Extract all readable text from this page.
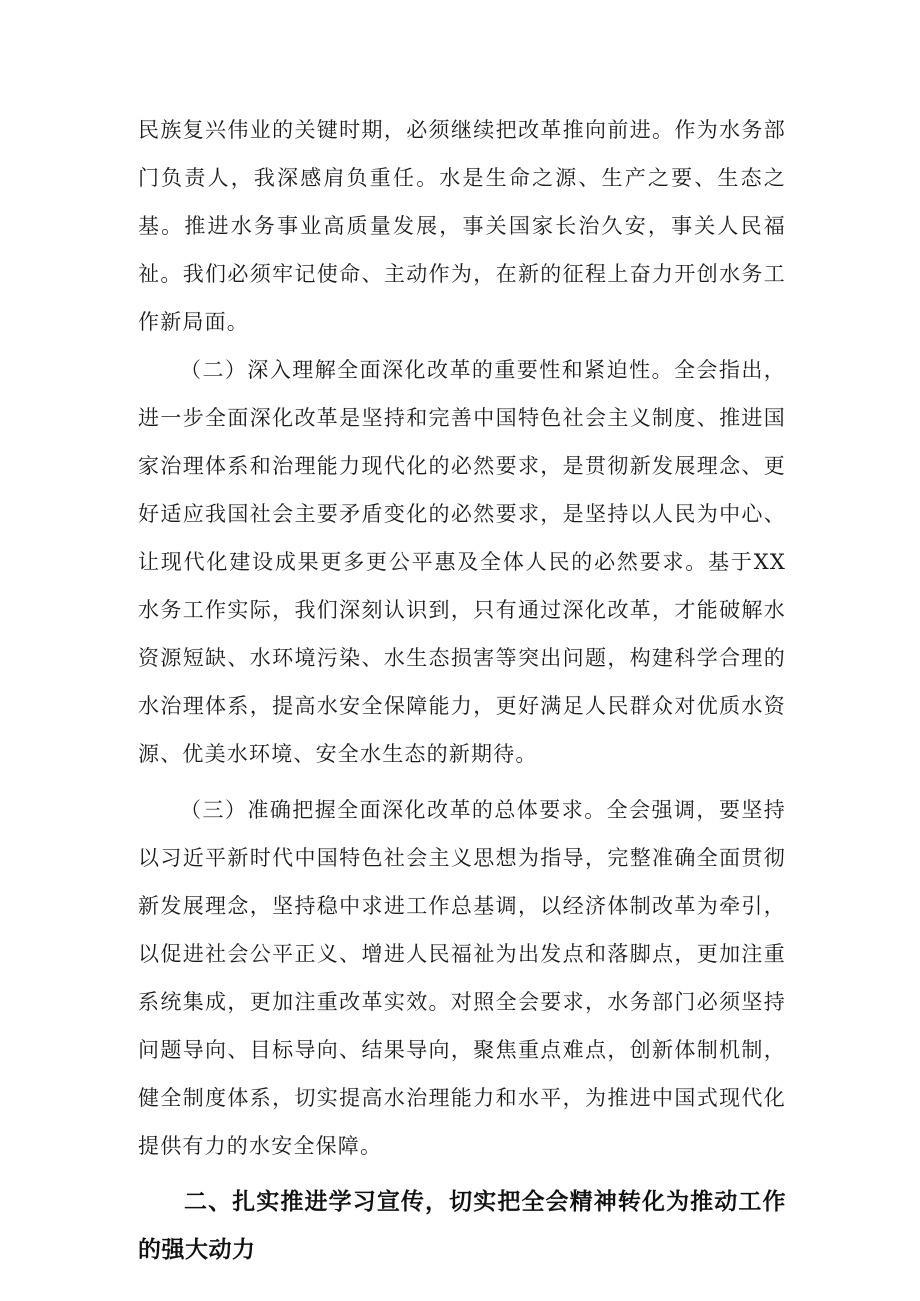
民族复兴伟业的关键时期，必须继续把改革推向前进。作为水务部门负责人，我深感肩负重任。水是生命之源、生产之要、生态之基。推进水务事业高质量发展，事关国家长治久安，事关人民福祉。我们必须牢记使命、主动作为，在新的征程上奋力开创水务工作新局面。

（二）深入理解全面深化改革的重要性和紧迫性。全会指出，进一步全面深化改革是坚持和完善中国特色社会主义制度、推进国家治理体系和治理能力现代化的必然要求，是贯彻新发展理念、更好适应我国社会主要矛盾变化的必然要求，是坚持以人民为中心、让现代化建设成果更多更公平惠及全体人民的必然要求。基于XX水务工作实际，我们深刻认识到，只有通过深化改革，才能破解水资源短缺、水环境污染、水生态损害等突出问题，构建科学合理的水治理体系，提高水安全保障能力，更好满足人民群众对优质水资源、优美水环境、安全水生态的新期待。

（三）准确把握全面深化改革的总体要求。全会强调，要坚持以习近平新时代中国特色社会主义思想为指导，完整准确全面贯彻新发展理念，坚持稳中求进工作总基调，以经济体制改革为牵引，以促进社会公平正义、增进人民福祉为出发点和落脚点，更加注重系统集成，更加注重改革实效。对照全会要求，水务部门必须坚持问题导向、目标导向、结果导向，聚焦重点难点，创新体制机制，健全制度体系，切实提高水治理能力和水平，为推进中国式现代化提供有力的水安全保障。

二、扎实推进学习宣传，切实把全会精神转化为推动工作的强大动力
